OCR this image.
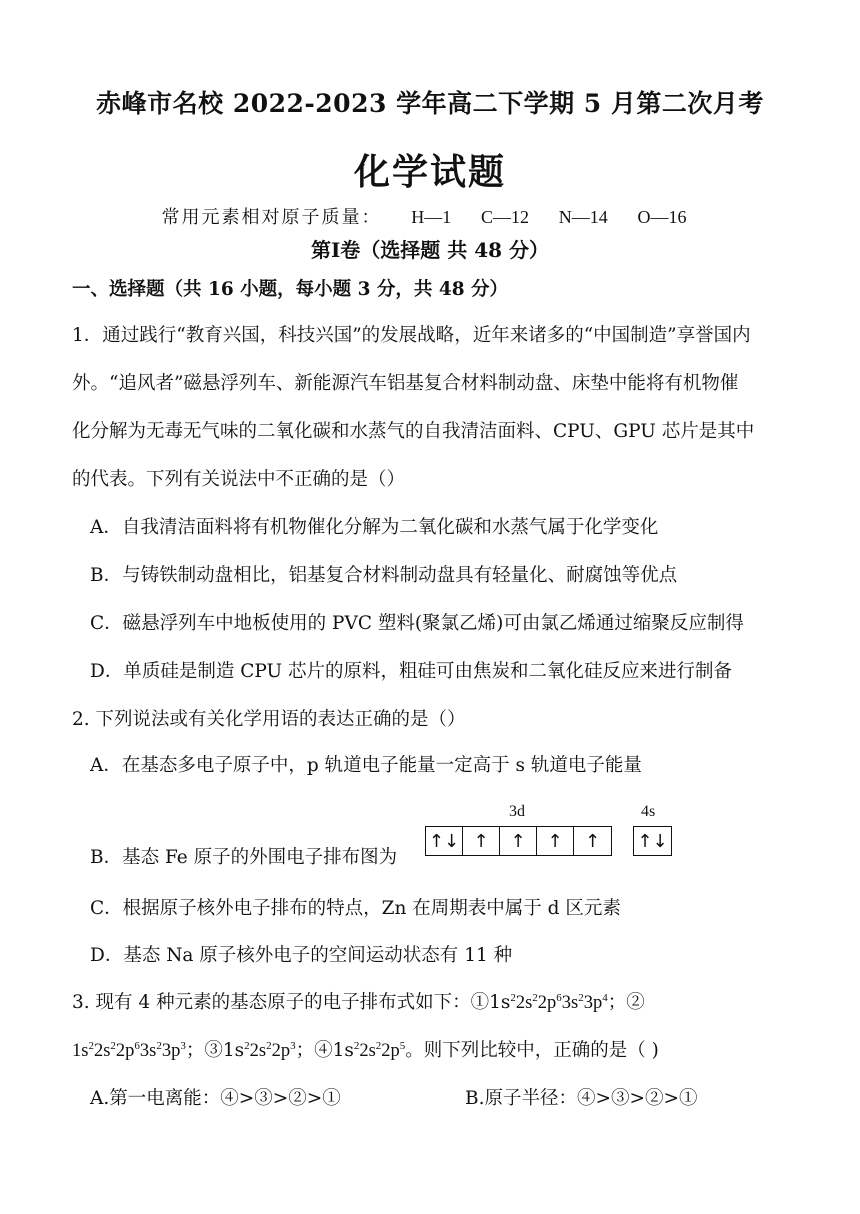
赤峰市名校 2022-2023 学年高二下学期 5 月第二次月考
化学试题
常用元素相对原子质量： H—1 C—12 N—14 O—16
第Ⅰ卷（选择题 共 48 分）
一、选择题（共 16 小题，每小题 3 分，共 48 分）
1．通过践行“教育兴国，科技兴国”的发展战略，近年来诸多的“中国制造”享誉国内
外。“追风者”磁悬浮列车、新能源汽车铝基复合材料制动盘、床垫中能将有机物催
化分解为无毒无气味的二氧化碳和水蒸气的自我清洁面料、CPU、GPU 芯片是其中
的代表。下列有关说法中不正确的是（）
A．自我清洁面料将有机物催化分解为二氧化碳和水蒸气属于化学变化
B．与铸铁制动盘相比，铝基复合材料制动盘具有轻量化、耐腐蚀等优点
C．磁悬浮列车中地板使用的 PVC 塑料(聚氯乙烯)可由氯乙烯通过缩聚反应制得
D．单质硅是制造 CPU 芯片的原料，粗硅可由焦炭和二氧化硅反应来进行制备
2. 下列说法或有关化学用语的表达正确的是（）
A．在基态多电子原子中，p 轨道电子能量一定高于 s 轨道电子能量
3d	4s
↑↓ ↑	↑	↑	↑	↑↓
B．基态 Fe 原子的外围电子排布图为
C．根据原子核外电子排布的特点，Zn 在周期表中属于 d 区元素
D．基态 Na 原子核外电子的空间运动状态有 11 种
3. 现有 4 种元素的基态原子的电子排布式如下：$①1s^22s^22p^63s^23p^4$；②
$1s^22s^22p^63s^23p^3$；$③1s^22s^22p^3$；$④1s^22s^22p^5$。则下列比较中，正确的是（ )
A.第一电离能：④>③>②>①	B.原子半径：④>③>②>①
